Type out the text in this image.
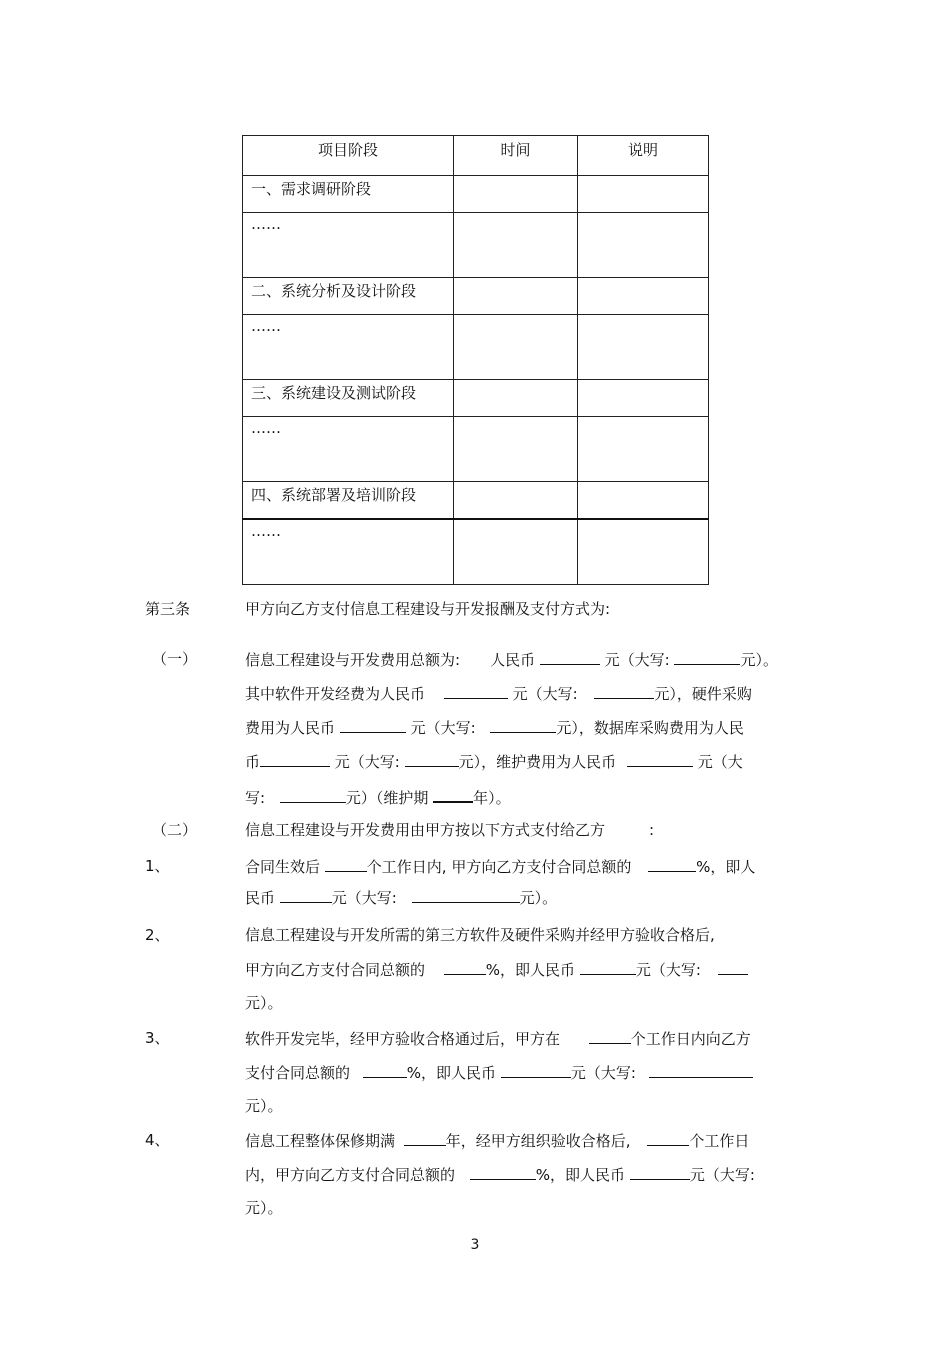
项目阶段	时间	说明
一、需求调研阶段		
……		
二、系统分析及设计阶段		
……		
三、系统建设及测试阶段		
……		
四、系统部署及培训阶段		
……		
第三条	甲方向乙方支付信息工程建设与开发报酬及支付方式为:
（一）	信息工程建设与开发费用总额为: 人民币	元（大写:	元）。
其中软件开发经费为人民币	元（大写:	元），硬件采购
费用为人民币	元（大写:	元），数据库采购费用为人民
币	元（大写:	元），维护费用为人民币	元（大
写:	元）（维护期	年）。
（二）	信息工程建设与开发费用由甲方按以下方式支付给乙方	:
1、	合同生效后	个工作日内, 甲方向乙方支付合同总额的	%，即人
民币	元（大写:	元）。
2、	信息工程建设与开发所需的第三方软件及硬件采购并经甲方验收合格后,
甲方向乙方支付合同总额的	%，即人民币	元（大写:
元）。
3、	软件开发完毕，经甲方验收合格通过后，甲方在	个工作日内向乙方
支付合同总额的	%，即人民币	元（大写:
元）。
4、	信息工程整体保修期满	年，经甲方组织验收合格后,	个工作日
内，甲方向乙方支付合同总额的	%，即人民币	元（大写:
元）。
3
